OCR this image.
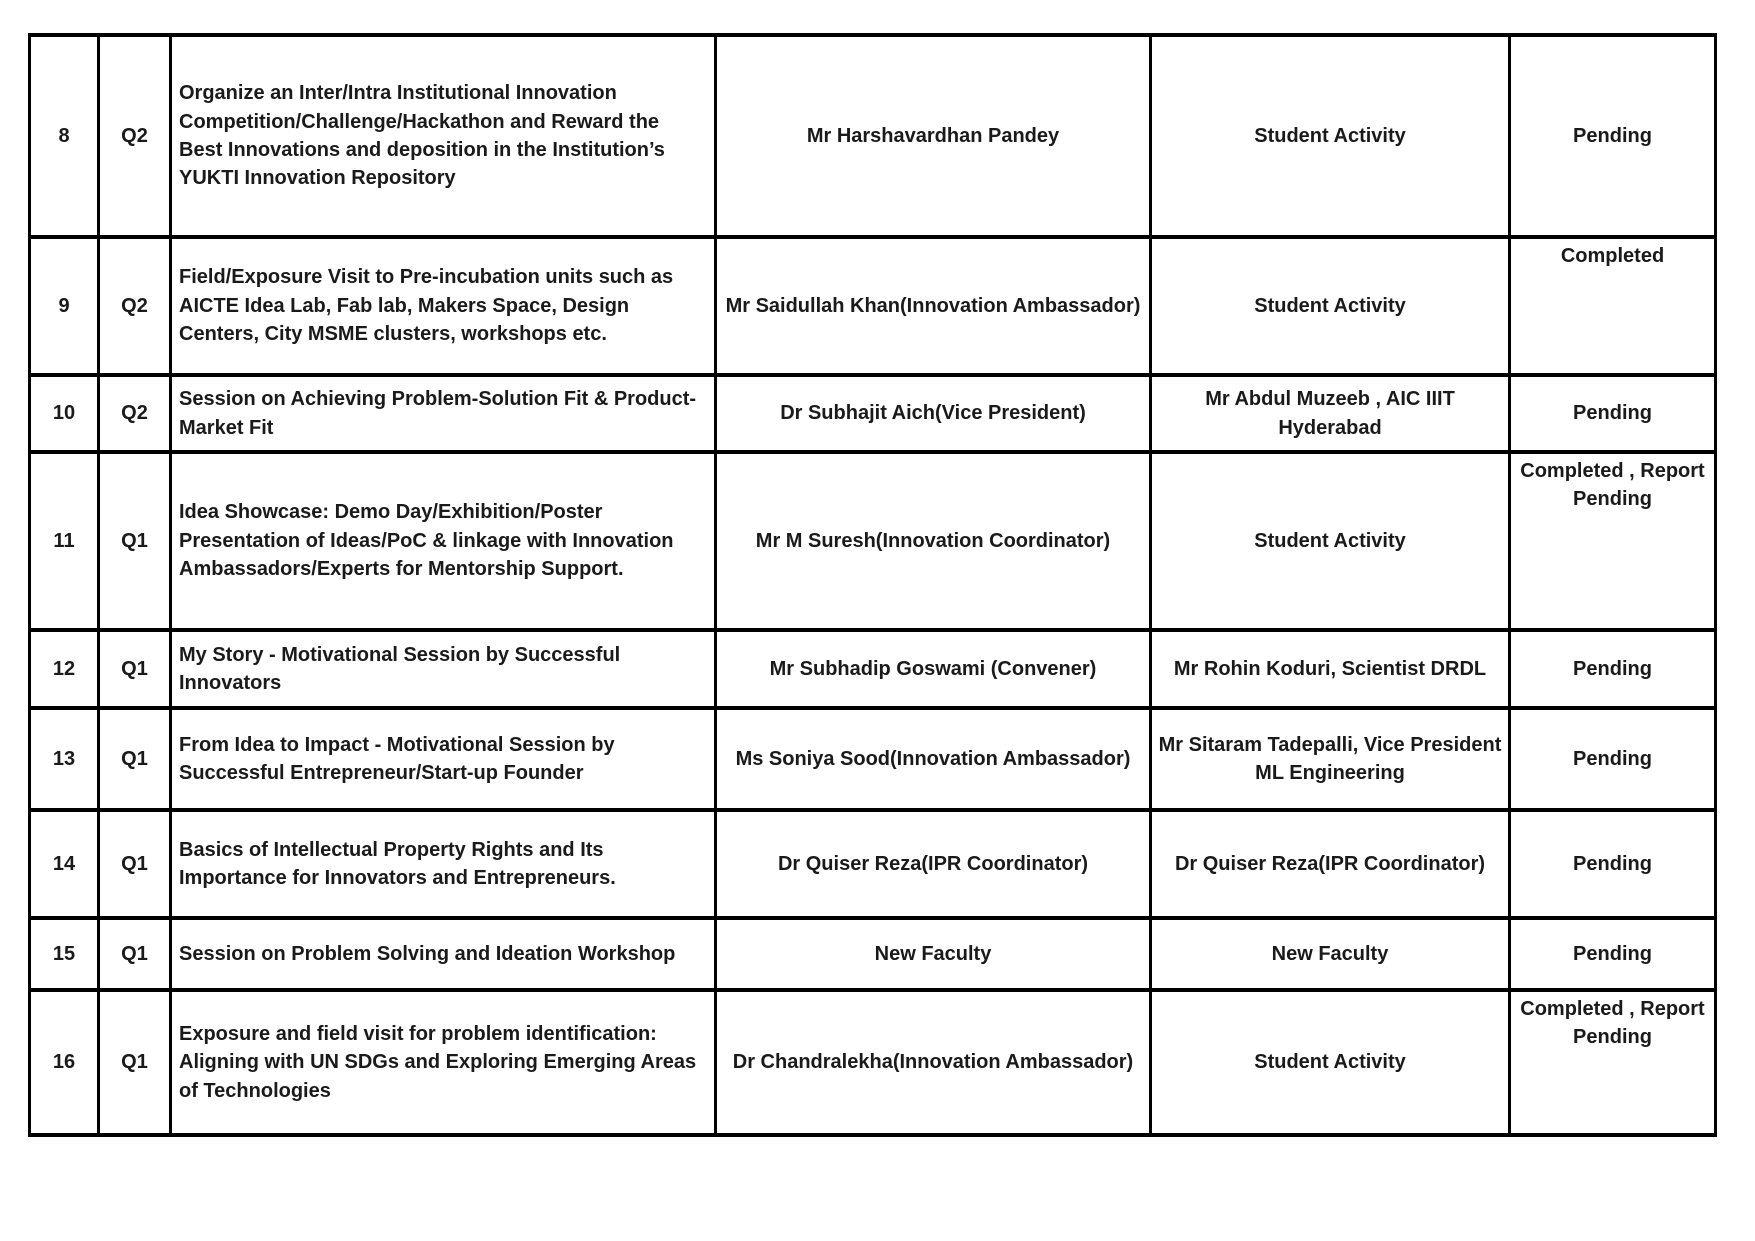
8	Q2	Organize an Inter/Intra Institutional Innovation Competition/Challenge/Hackathon and Reward the Best Innovations and deposition in the Institution’s YUKTI Innovation Repository	Mr Harshavardhan Pandey	Student Activity	Pending
9	Q2	Field/Exposure Visit to Pre-incubation units such as AICTE Idea Lab, Fab lab, Makers Space, Design Centers, City MSME clusters, workshops etc.	Mr Saidullah Khan(Innovation Ambassador)	Student Activity	Completed
10	Q2	Session on Achieving Problem-Solution Fit & Product-Market Fit	Dr Subhajit Aich(Vice President)	Mr Abdul Muzeeb , AIC IIIT Hyderabad	Pending
11	Q1	Idea Showcase: Demo Day/Exhibition/Poster Presentation of Ideas/PoC & linkage with Innovation Ambassadors/Experts for Mentorship Support.	Mr M Suresh(Innovation Coordinator)	Student Activity	Completed , Report Pending
12	Q1	My Story - Motivational Session by Successful Innovators	Mr Subhadip Goswami (Convener)	Mr Rohin Koduri, Scientist DRDL	Pending
13	Q1	From Idea to Impact - Motivational Session by Successful Entrepreneur/Start-up Founder	Ms Soniya Sood(Innovation Ambassador)	Mr Sitaram Tadepalli, Vice President ML Engineering	Pending
14	Q1	Basics of Intellectual Property Rights and Its Importance for Innovators and Entrepreneurs.	Dr Quiser Reza(IPR Coordinator)	Dr Quiser Reza(IPR Coordinator)	Pending
15	Q1	Session on Problem Solving and Ideation Workshop	New Faculty	New Faculty	Pending
16	Q1	Exposure and field visit for problem identification: Aligning with UN SDGs and Exploring Emerging Areas of Technologies	Dr Chandralekha(Innovation Ambassador)	Student Activity	Completed , Report Pending
